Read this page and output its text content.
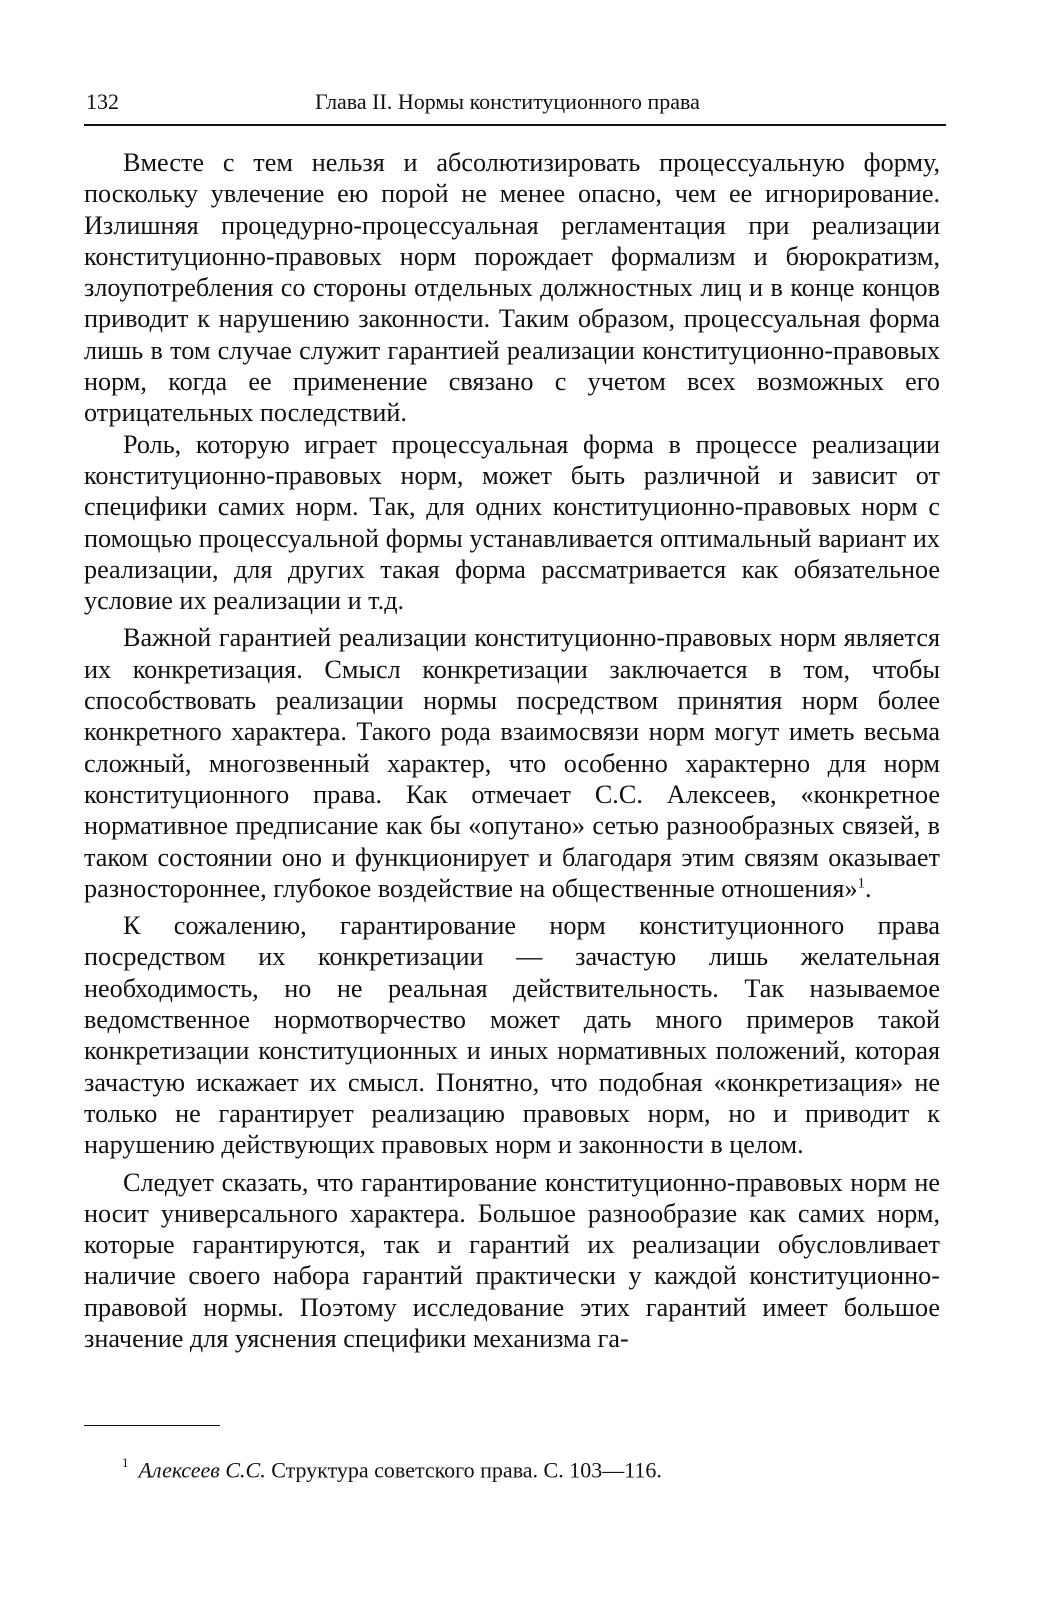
132	Глава II. Нормы конституционного права

Вместе с тем нельзя и абсолютизировать процессуальную форму, поскольку увлечение ею порой не менее опасно, чем ее игнорирование. Излишняя процедурно-процессуальная регламентация при реализации конституционно-правовых норм порождает формализм и бюрократизм, злоупотребления со стороны отдельных должностных лиц и в конце концов приводит к нарушению законности. Таким образом, процессуальная форма лишь в том случае служит гарантией реализации конституционно-правовых норм, когда ее применение связано с учетом всех возможных его отрицательных последствий.

Роль, которую играет процессуальная форма в процессе реализации конституционно-правовых норм, может быть различной и зависит от специфики самих норм. Так, для одних конституционно-правовых норм с помощью процессуальной формы устанавливается оптимальный вариант их реализации, для других такая форма рассматривается как обязательное условие их реализации и т.д.

Важной гарантией реализации конституционно-правовых норм является их конкретизация. Смысл конкретизации заключается в том, чтобы способствовать реализации нормы посредством принятия норм более конкретного характера. Такого рода взаимосвязи норм могут иметь весьма сложный, многозвенный характер, что особенно характерно для норм конституционного права. Как отмечает С.С. Алексеев, «конкретное нормативное предписание как бы «опутано» сетью разнообразных связей, в таком состоянии оно и функционирует и благодаря этим связям оказывает разностороннее, глубокое воздействие на общественные отношения»$^1$.

К сожалению, гарантирование норм конституционного права посредством их конкретизации — зачастую лишь желательная необходимость, но не реальная действительность. Так называемое ведомственное нормотворчество может дать много примеров такой конкретизации конституционных и иных нормативных положений, которая зачастую искажает их смысл. Понятно, что подобная «конкретизация» не только не гарантирует реализацию правовых норм, но и приводит к нарушению действующих правовых норм и законности в целом.

Следует сказать, что гарантирование конституционно-правовых норм не носит универсального характера. Большое разнообразие как самих норм, которые гарантируются, так и гарантий их реализации обусловливает наличие своего набора гарантий практически у каждой конституционно-правовой нормы. Поэтому исследование этих гарантий имеет большое значение для уяснения специфики механизма га-

$^1$ Алексеев С.С. Структура советского права. С. 103—116.
